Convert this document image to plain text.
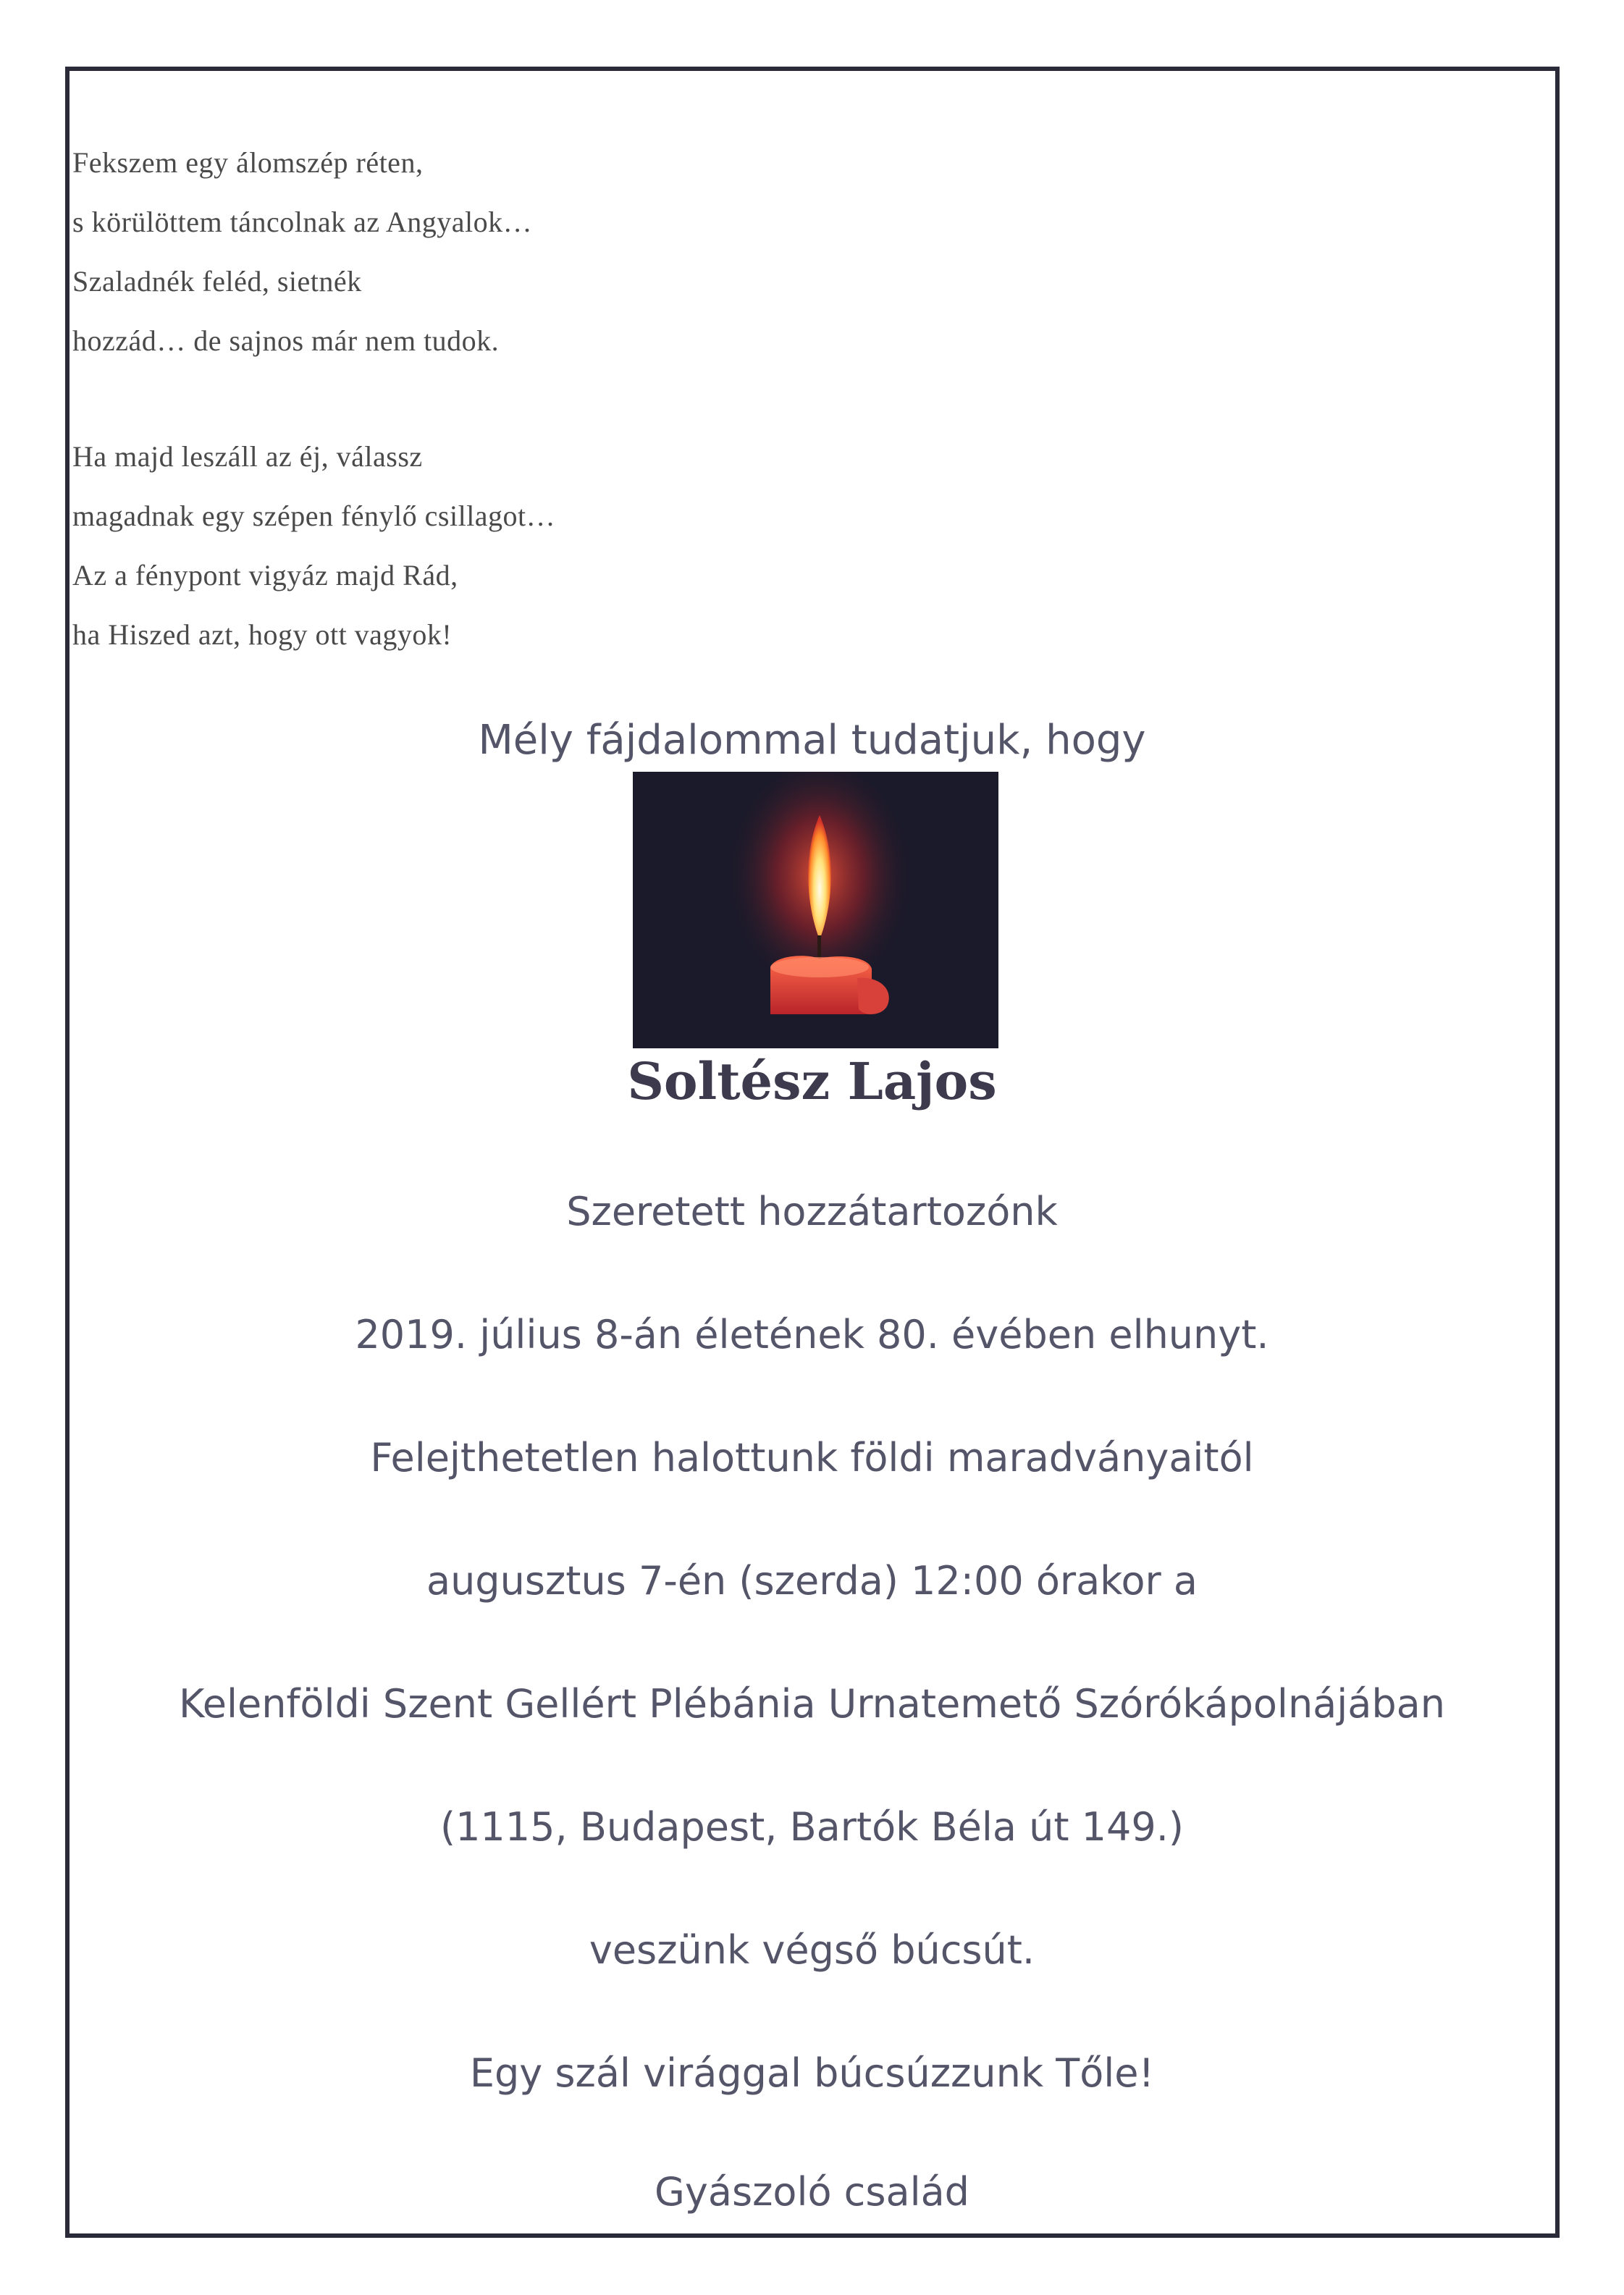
Fekszem egy álomszép réten,
s körülöttem táncolnak az Angyalok…
Szaladnék feléd, sietnék
hozzád… de sajnos már nem tudok.
Ha majd leszáll az éj, válassz
magadnak egy szépen fénylő csillagot…
Az a fénypont vigyáz majd Rád,
ha Hiszed azt, hogy ott vagyok!
Mély fájdalommal tudatjuk, hogy
Soltész Lajos
Szeretett hozzátartozónk
2019. július 8-án életének 80. évében elhunyt.
Felejthetetlen halottunk földi maradványaitól
augusztus 7-én (szerda) 12:00 órakor a
Kelenföldi Szent Gellért Plébánia Urnatemető Szórókápolnájában
(1115, Budapest, Bartók Béla út 149.)
veszünk végső búcsút.
Egy szál virággal búcsúzzunk Tőle!
Gyászoló család
